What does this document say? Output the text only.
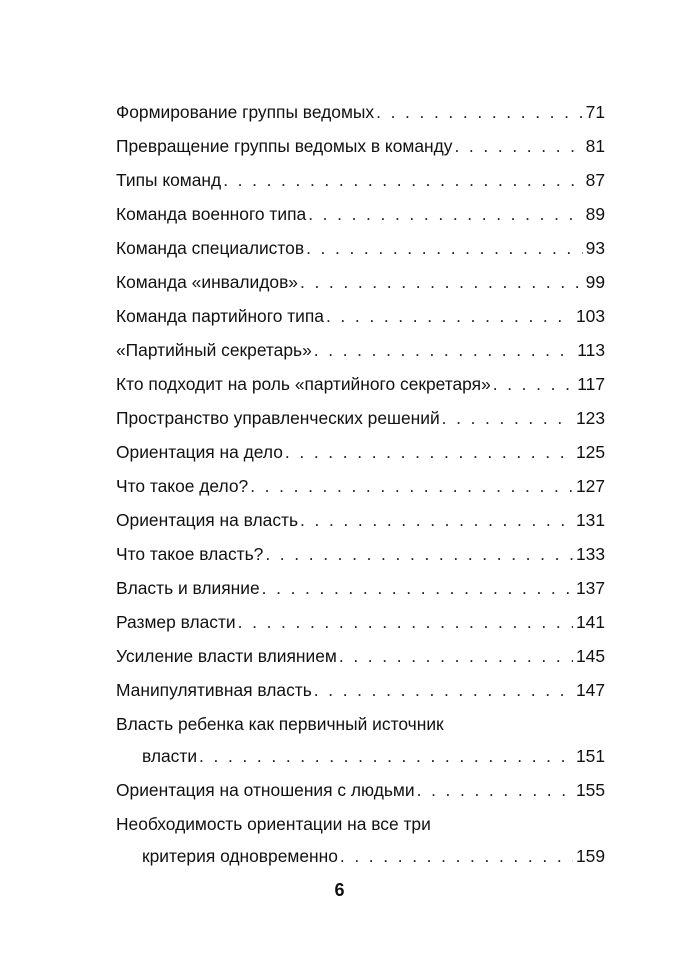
Формирование группы ведомых . . .	71
Превращение группы ведомых в команду . . .	81
Типы команд . . .	87
Команда военного типа . . .	89
Команда специалистов . . .	93
Команда «инвалидов» . . .	99
Команда партийного типа . . .	103
«Партийный секретарь» . . .	113
Кто подходит на роль «партийного секретаря» . . .	117
Пространство управленческих решений . . .	123
Ориентация на дело . . .	125
Что такое дело? . . .	127
Ориентация на власть . . .	131
Что такое власть? . . .	133
Власть и влияние . . .	137
Размер власти . . .	141
Усиление власти влиянием . . .	145
Манипулятивная власть . . .	147
Власть ребенка как первичный источник
власти . . .	151
Ориентация на отношения с людьми . . .	155
Необходимость ориентации на все три
критерия одновременно . . .	159
6
